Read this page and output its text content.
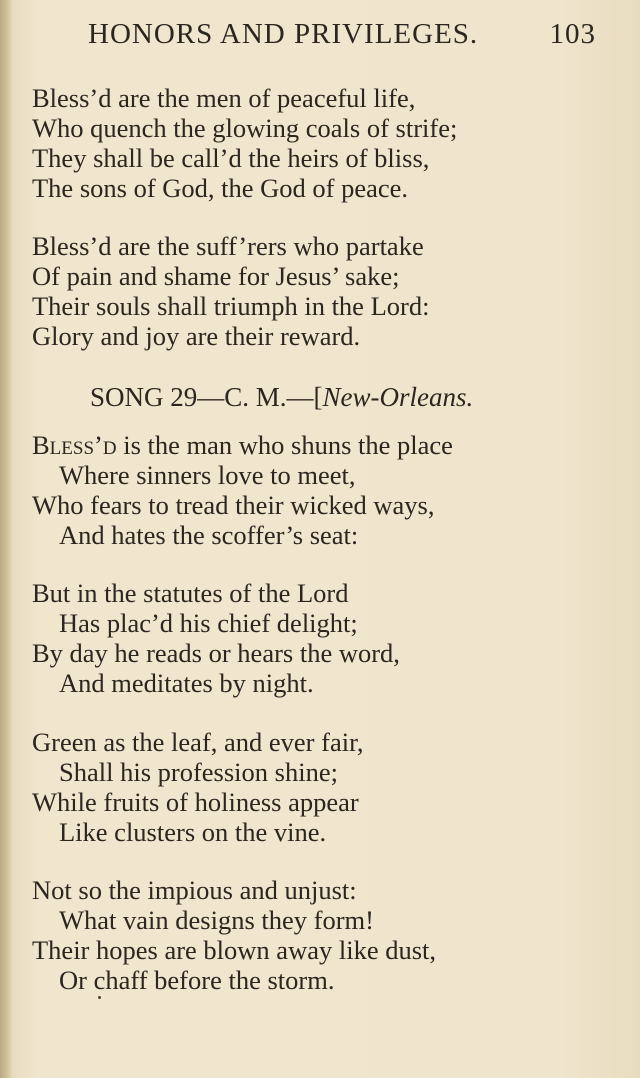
HONORS AND PRIVILEGES. 103
Bless’d are the men of peaceful life,
Who quench the glowing coals of strife;
They shall be call’d the heirs of bliss,
The sons of God, the God of peace.
Bless’d are the suff’rers who partake
Of pain and shame for Jesus’ sake;
Their souls shall triumph in the Lord:
Glory and joy are their reward.
SONG 29—C. M.—[New-Orleans.
Bless’d is the man who shuns the place
Where sinners love to meet,
Who fears to tread their wicked ways,
And hates the scoffer’s seat:
But in the statutes of the Lord
Has plac’d his chief delight;
By day he reads or hears the word,
And meditates by night.
Green as the leaf, and ever fair,
Shall his profession shine;
While fruits of holiness appear
Like clusters on the vine.
Not so the impious and unjust:
What vain designs they form!
Their hopes are blown away like dust,
Or chaff before the storm.
